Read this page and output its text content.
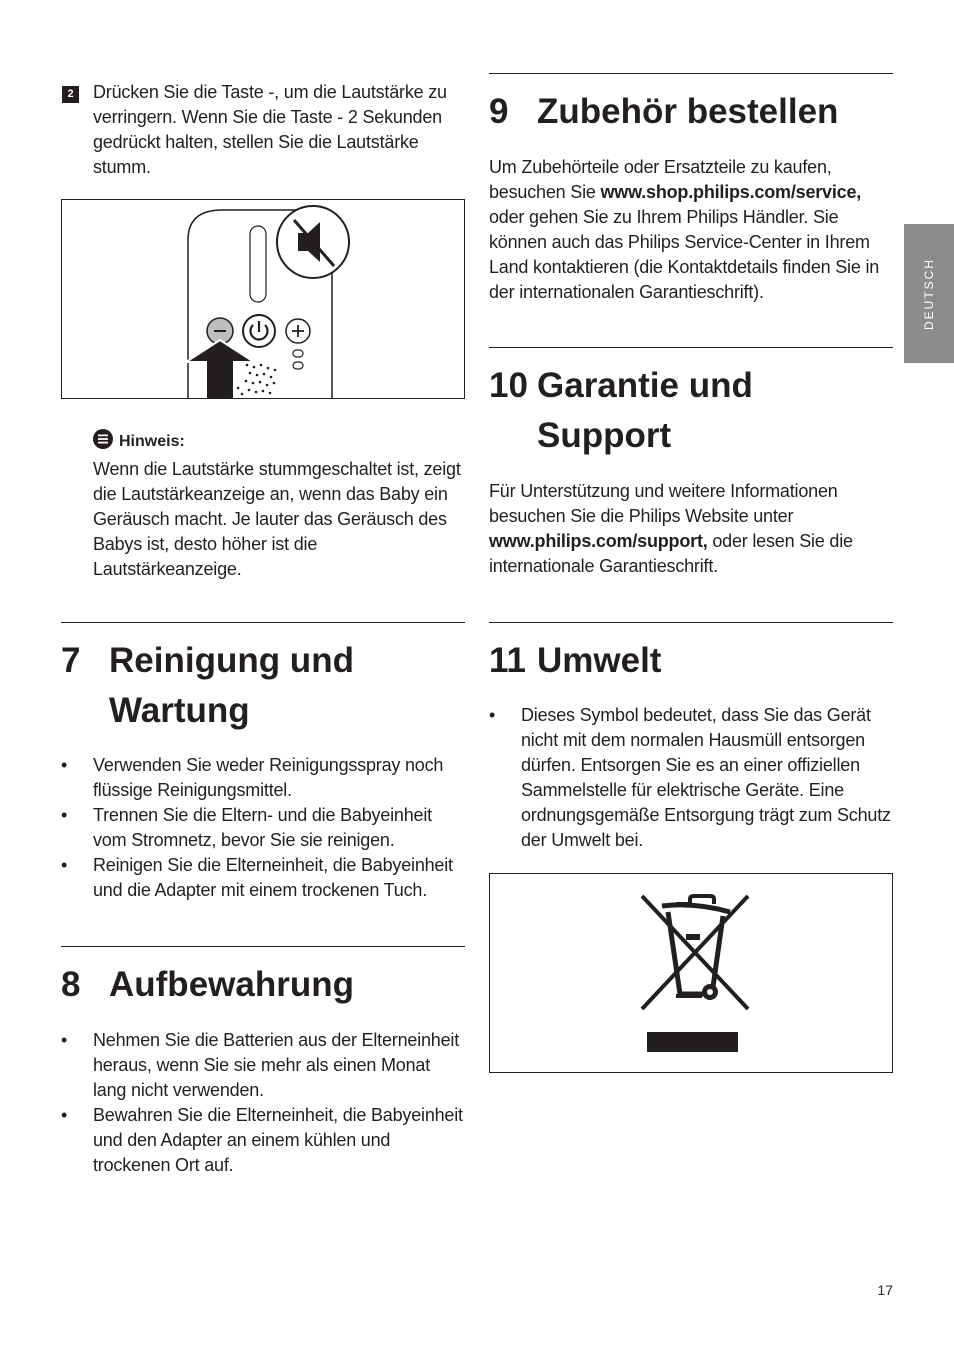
DEUTSCH
2	Drücken Sie die Taste -, um die Lautstärke zu verringern. Wenn Sie die Taste - 2 Sekunden gedrückt halten, stellen Sie die Lautstärke stumm.
Hinweis:
Wenn die Lautstärke stummgeschaltet ist, zeigt die Lautstärkeanzeige an, wenn das Baby ein Geräusch macht. Je lauter das Geräusch des Babys ist, desto höher ist die Lautstärkeanzeige.
7 Reinigung und
Wartung
• Verwenden Sie weder Reinigungsspray noch flüssige Reinigungsmittel.
• Trennen Sie die Eltern- und die Babyeinheit vom Stromnetz, bevor Sie sie reinigen.
• Reinigen Sie die Elterneinheit, die Babyeinheit und die Adapter mit einem trockenen Tuch.
8 Aufbewahrung
• Nehmen Sie die Batterien aus der Elterneinheit heraus, wenn Sie sie mehr als einen Monat lang nicht verwenden.
• Bewahren Sie die Elterneinheit, die Babyeinheit und den Adapter an einem kühlen und trockenen Ort auf.
9 Zubehör bestellen
Um Zubehörteile oder Ersatzteile zu kaufen, besuchen Sie www.shop.philips.com/service, oder gehen Sie zu Ihrem Philips Händler. Sie können auch das Philips Service-Center in Ihrem Land kontaktieren (die Kontaktdetails finden Sie in der internationalen Garantieschrift).
10 Garantie und
Support
Für Unterstützung und weitere Informationen besuchen Sie die Philips Website unter www.philips.com/support, oder lesen Sie die internationale Garantieschrift.
11 Umwelt
• Dieses Symbol bedeutet, dass Sie das Gerät nicht mit dem normalen Hausmüll entsorgen dürfen. Entsorgen Sie es an einer offiziellen Sammelstelle für elektrische Geräte. Eine ordnungsgemäße Entsorgung trägt zum Schutz der Umwelt bei.
17
